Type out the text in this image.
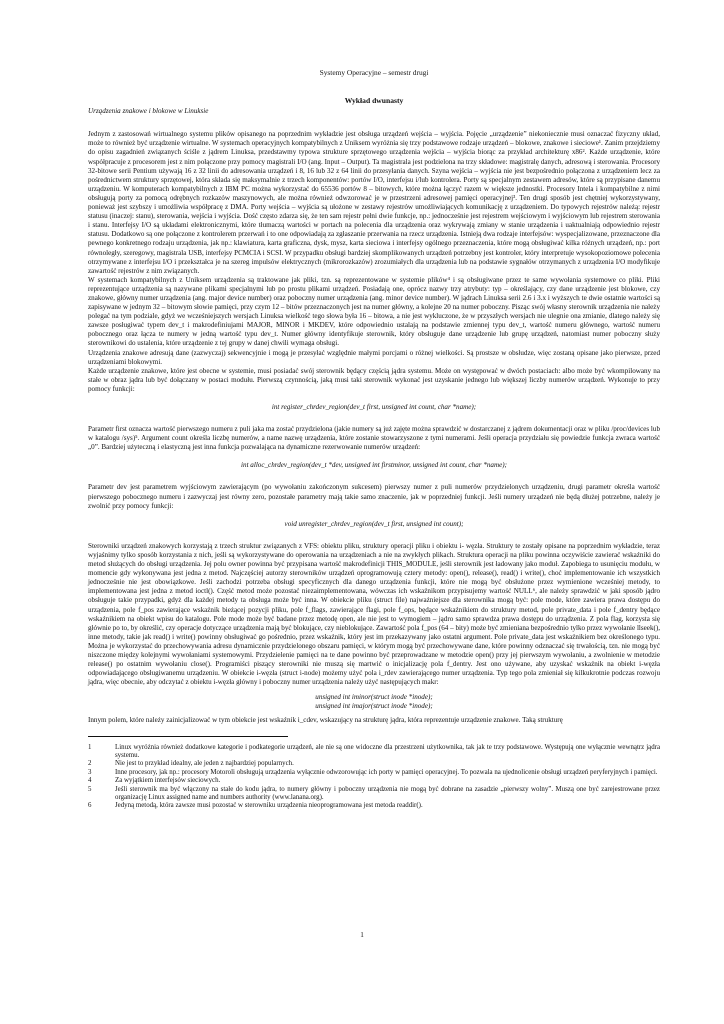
Systemy Operacyjne – semestr drugi
Wykład dwunasty
Urządzenia znakowe i blokowe w Linuksie

Jednym z zastosowań wirtualnego systemu plików opisanego na poprzednim wykładzie jest obsługa urządzeń wejścia – wyjścia. Pojęcie „urządzenie” niekoniecznie musi oznaczać fizyczny układ, może to również być urządzenie wirtualne. W systemach operacyjnych kompatybilnych z Uniksem wyróżnia się trzy podstawowe rodzaje urządzeń – blokowe, znakowe i sieciowe¹. Zanim przejdziemy do opisu zagadnień związanych ściśle z jądrem Linuksa, przedstawmy typowa strukture sprzętowego urządzenia wejścia – wyjścia biorąc za przykład architekturę x86². Każde urządzenie, które współpracuje z procesorem jest z nim połączone przy pomocy magistrali I/O (ang. Input – Output). Ta magistrala jest podzielona na trzy składowe: magistralę danych, adresową i sterowania. Procesory 32-bitowe serii Pentium używają 16 z 32 linii do adresowania urządzeń i 8, 16 lub 32 z 64 linii do przesyłania danych. Szyna wejścia – wyjścia nie jest bezpośrednio połączona z urządzeniem lecz za pośrednictwem struktury sprzętowej, która składa się maksymalnie z trzech komponentów: portów I/O, interfejsu i/lub kontrolera. Porty są specjalnym zestawem adresów, które są przypisane danemu urządzeniu. W komputerach kompatybilnych z IBM PC można wykorzystać do 65536 portów 8 – bitowych, które można łączyć razem w większe jednostki. Procesory Intela i kompatybilne z nimi obsługują porty za pomocą odrębnych rozkazów maszynowych, ale można również odwzorować je w przestrzeni adresowej pamięci operacyjnej³. Ten drugi sposób jest chętniej wykorzystywany, ponieważ jest szybszy i umożliwia współpracę z DMA. Porty wejścia – wyjścia są ułożone w zestawy rejestrów umożliwiających komunikację z urządzeniem. Do typowych rejestrów należą: rejestr statusu (inaczej: stanu), sterowania, wejścia i wyjścia. Dość często zdarza się, że ten sam rejestr pełni dwie funkcje, np.: jednocześnie jest rejestrem wejściowym i wyjściowym lub rejestrem sterowania i stanu. Interfejsy I/O są układami elektronicznymi, które tłumaczą wartości w portach na polecenia dla urządzenia oraz wykrywają zmiany w stanie urządzenia i uaktualniają odpowiednio rejestr statusu. Dodatkowo są one połączone z kontrolerem przerwań i to one odpowiadają za zgłaszanie przerwania na rzecz urządzenia. Istnieją dwa rodzaje interfejsów: wyspecjalizowane, przeznaczone dla pewnego konkretnego rodzaju urządzenia, jak np.: klawiatura, karta graficzna, dysk, mysz, karta sieciowa i interfejsy ogólnego przeznaczenia, które mogą obsługiwać kilka różnych urządzeń, np.: port równoległy, szeregowy, magistrala USB, interfejsy PCMCIA i SCSI. W przypadku obsługi bardziej skomplikowanych urządzeń potrzebny jest kontroler, który interpretuje wysokopoziomowe polecenia otrzymywane z interfejsu I/O i przekształca je na szereg impulsów elektrycznych (mikrorozkazów) zrozumiałych dla urządzenia lub na podstawie sygnałów otrzymanych z urządzenia I/O modyfikuje zawartość rejestrów z nim związanych.

W systemach kompatybilnych z Uniksem urządzenia są traktowane jak pliki, tzn. są reprezentowane w systemie plików⁴ i są obsługiwane przez te same wywołania systemowe co pliki. Pliki reprezentujące urządzenia są nazywane plikami specjalnymi lub po prostu plikami urządzeń. Posiadają one, oprócz nazwy trzy atrybuty: typ – określający, czy dane urządzenie jest blokowe, czy znakowe, główny numer urządzenia (ang. major device number) oraz poboczny numer urządzenia (ang. minor device number). W jądrach Linuksa serii 2.6 i 3.x i wyższych te dwie ostatnie wartości są zapisywane w jednym 32 – bitowym słowie pamięci, przy czym 12 – bitów przeznaczonych jest na numer główny, a kolejne 20 na numer poboczny. Pisząc swój własny sterownik urządzenia nie należy polegać na tym podziale, gdyż we wcześniejszych wersjach Linuksa wielkość tego słowa była 16 – bitowa, a nie jest wykluczone, że w przyszłych wersjach nie ulegnie ona zmianie, dlatego należy się zawsze posługiwać typem dev_t i makrodefiniujami MAJOR, MINOR i MKDEV, które odpowiednio ustalają na podstawie zmiennej typu dev_t, wartość numeru głównego, wartość numeru pobocznego oraz łącza te numery w jedną wartość typu dev_t. Numer główny identyfikuje sterownik, który obsługuje dane urządzenie lub grupę urządzeń, natomiast numer poboczny służy sterownikowi do ustalenia, które urządzenie z tej grupy w danej chwili wymaga obsługi.

Urządzenia znakowe adresują dane (zazwyczaj) sekwencyjnie i mogą je przesyłać względnie małymi porcjami o różnej wielkości. Są prostsze w obsłudze, więc zostaną opisane jako pierwsze, przed urządzeniami blokowymi.

Każde urządzenie znakowe, które jest obecne w systemie, musi posiadać swój sterownik będący częścią jądra systemu. Może on występować w dwóch postaciach: albo może być wkompilowany na stałe w obraz jądra lub być dołączany w postaci modułu. Pierwszą czynnością, jaką musi taki sterownik wykonać jest uzyskanie jednego lub większej liczby numerów urządzeń. Wykonuje to przy pomocy funkcji:

int register_chrdev_region(dev_t first, unsigned int count, char *name);

Parametr first oznacza wartość pierwszego numeru z puli jaka ma zostać przydzielona (jakie numery są już zajęte można sprawdzić w dostarczanej z jądrem dokumentacji oraz w pliku /proc/devices lub w katalogu /sys)⁵. Argument count określa liczbę numerów, a name nazwę urządzenia, które zostanie stowarzyszone z tymi numerami. Jeśli operacja przydziału się powiedzie funkcja zwraca wartość „0”. Bardziej użyteczną i elastyczną jest inna funkcja pozwalająca na dynamiczne rezerwowanie numerów urządzeń:

int alloc_chrdev_region(dev_t *dev, unsigned int firstminor, unsigned int count, char *name);

Parametr dev jest parametrem wyjściowym zawierającym (po wywołaniu zakończonym sukcesem) pierwszy numer z puli numerów przydzielonych urządzeniu, drugi parametr określa wartość pierwszego pobocznego numeru i zazwyczaj jest równy zero, pozostałe parametry mają takie samo znaczenie, jak w poprzedniej funkcji. Jeśli numery urządzeń nie będą dłużej potrzebne, należy je zwolnić przy pomocy funkcji:

void unregister_chrdev_region(dev_t first, unsigned int count);

Sterowniki urządzeń znakowych korzystają z trzech struktur związanych z VFS: obiektu pliku, struktury operacji pliku i obiektu i- węzła. Struktury te zostały opisane na poprzednim wykładzie, teraz wyjaśnimy tylko sposób korzystania z nich, jeśli są wykorzystywane do operowania na urządzeniach a nie na zwykłych plikach. Struktura operacji na pliku powinna oczywiście zawierać wskaźniki do metod służących do obsługi urządzenia. Jej polu owner powinna być przypisana wartość makrodefinicji THIS_MODULE, jeśli sterownik jest ładowany jako moduł. Zapobiega to usunięciu modułu, w momencie gdy wykonywana jest jedna z metod. Najczęściej autorzy sterowników urządzeń oprogramowują cztery metody: open(), release(), read() i write(), choć implementowanie ich wszystkich jednocześnie nie jest obowiązkowe. Jeśli zachodzi potrzeba obsługi specyficznych dla danego urządzenia funkcji, które nie mogą być obsłużone przez wymienione wcześniej metody, to implementowana jest jedna z metod ioctl(). Część metod może pozostać niezaimplementowana, wówczas ich wskaźnikom przypisujemy wartość NULL⁶, ale należy sprawdzić w jaki sposób jądro obsługuje takie przypadki, gdyż dla każdej metody ta obsługa może być inna. W obiekcie pliku (struct file) najważniejsze dla sterownika mogą być: pole mode, które zawiera prawa dostępu do urządzenia, pole f_pos zawierające wskaźnik bieżącej pozycji pliku, pole f_flags, zawierające flagi, pole f_ops, będące wskaźnikiem do struktury metod, pole private_data i pole f_dentry będące wskaźnikiem na obiekt wpisu do katalogu. Pole mode może być badane przez metodę open, ale nie jest to wymogiem – jądro samo sprawdza prawa dostępu do urządzenia. Z pola flag, korzysta się głównie po to, by określić, czy operacje dotyczące urządzenia mają być blokujące, czy nieblokujące. Zawartość pola f_pos (64 – bity) może być zmieniana bezpośrednio tylko przez wywołanie llseek(), inne metody, takie jak read() i write() powinny obsługiwać go pośrednio, przez wskaźnik, który jest im przekazywany jako ostatni argument. Pole private_data jest wskaźnikiem bez określonego typu. Można je wykorzystać do przechowywania adresu dynamicznie przydzielonego obszaru pamięci, w którym mogą być przechowywane dane, które powinny odznaczać się trwałością, tzn. nie mogą być niszczone między kolejnymi wywołaniami systemowymi. Przydzielenie pamięci na te dane powinno być przeprowadzane w metodzie open() przy jej pierwszym wywołaniu, a zwolnienie w metodzie release() po ostatnim wywołaniu close(). Programiści piszący sterowniki nie muszą się martwić o inicjalizację pola f_dentry. Jest ono używane, aby uzyskać wskaźnik na obiekt i-węzła odpowiadającego obsługiwanemu urządzeniu. W obiekcie i-węzła (struct i-node) możemy użyć pola i_rdev zawierającego numer urządzenia. Typ tego pola zmieniał się kilkukrotnie podczas rozwoju jądra, więc obecnie, aby odczytać z obiektu i-węzła główny i poboczny numer urządzenia należy użyć następujących makr:

unsigned int iminor(struct inode *inode);
unsigned int imajor(struct inode *inode);

Innym polem, które należy zainicjalizować w tym obiekcie jest wskaźnik i_cdev, wskazujący na strukturę jądra, która reprezentuje urządzenie znakowe. Taką strukturę

1	Linux wyróżnia również dodatkowe kategorie i podkategorie urządzeń, ale nie są one widoczne dla przestrzeni użytkownika, tak jak te trzy podstawowe. Występują one wyłącznie wewnątrz jądra systemu.
2	Nie jest to przykład idealny, ale jeden z najbardziej popularnych.
3	Inne procesory, jak np.: procesory Motoroli obsługują urządzenia wyłącznie odwzorowując ich porty w pamięci operacyjnej. To pozwala na ujednolicenie obsługi urządzeń peryferyjnych i pamięci.
4	Za wyjątkiem interfejsów sieciowych.
5	Jeśli sterownik ma być włączony na stałe do kodu jądra, to numery główny i poboczny urządzenia nie mogą być dobrane na zasadzie „pierwszy wolny”. Muszą one być zarejestrowane przez organizację Linux assigned name and numbers authority (www.lanana.org).
6	Jedyną metodą, która zawsze musi pozostać w sterowniku urządzenia nieoprogramowana jest metoda readdir().
1
